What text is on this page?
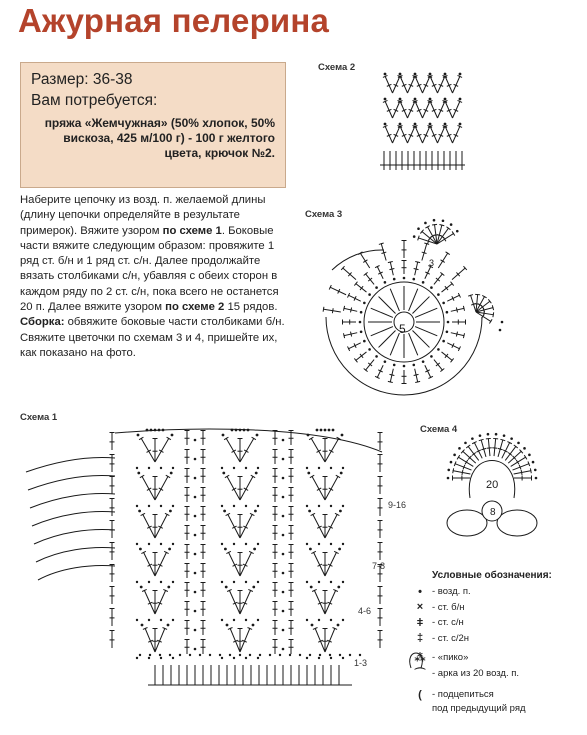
Ажурная пелерина
Размер: 36-38
Вам потребуется:
пряжа «Жемчужная» (50% хлопок, 50% вискоза, 425 м/100 г) - 100 г желтого цвета, крючок №2.

Наберите цепочку из возд. п. желаемой длины (длину цепочки определяйте в результате примерок). Вяжите узором по схеме 1. Боковые части вяжите следующим образом: провяжите 1 ряд ст. б/н и 1 ряд ст. с/н. Далее продолжайте вязать столбиками с/н, убавляя с обеих сторон в каждом ряду по 2 ст. с/н, пока всего не останется 20 п. Далее вяжите узором по схеме 2 15 рядов.

Сборка: обвяжите боковые части столбиками б/н. Свяжите цветочки по схемам 3 и 4, пришейте их, как показано на фото.

Схема 2
Схема 3
Схема 1
Схема 4
9-16
7-8
4-6
1-3
5
3
20
8
Условные обозначения:
•	- возд. п.
× - ст. б/н
ǂ - ст. с/н
‡ - ст. с/2н
⁂ - «пико»
⌒ - арка из 20 возд. п.
(	- подцепиться
под предыдущий ряд
